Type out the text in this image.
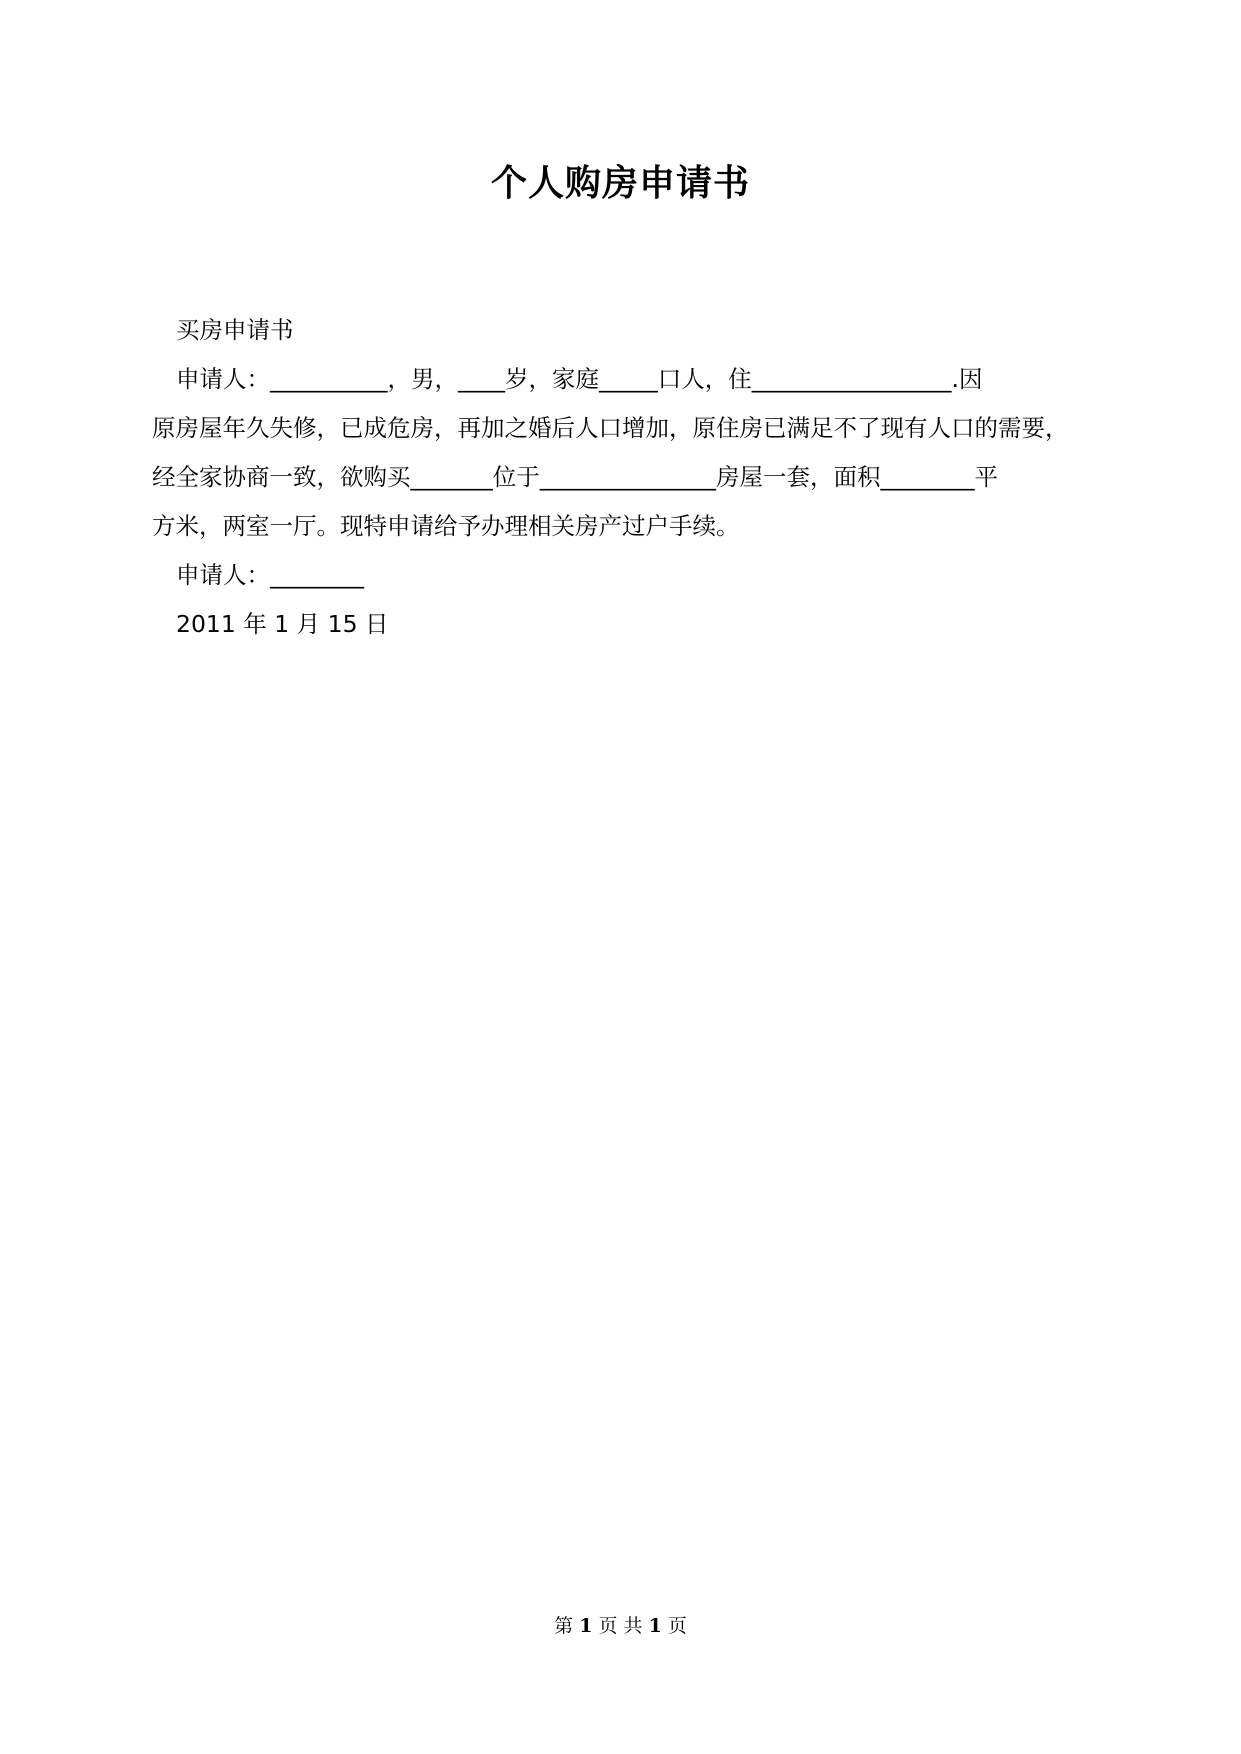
个人购房申请书
买房申请书
申请人：__________，男，____岁，家庭_____口人，住_________________.因
原房屋年久失修，已成危房，再加之婚后人口增加，原住房已满足不了现有人口的需要，
经全家协商一致，欲购买_______位于_______________房屋一套，面积________平
方米，两室一厅。现特申请给予办理相关房产过户手续。
申请人：________
2011 年 1 月 15 日
第 1 页 共 1 页
